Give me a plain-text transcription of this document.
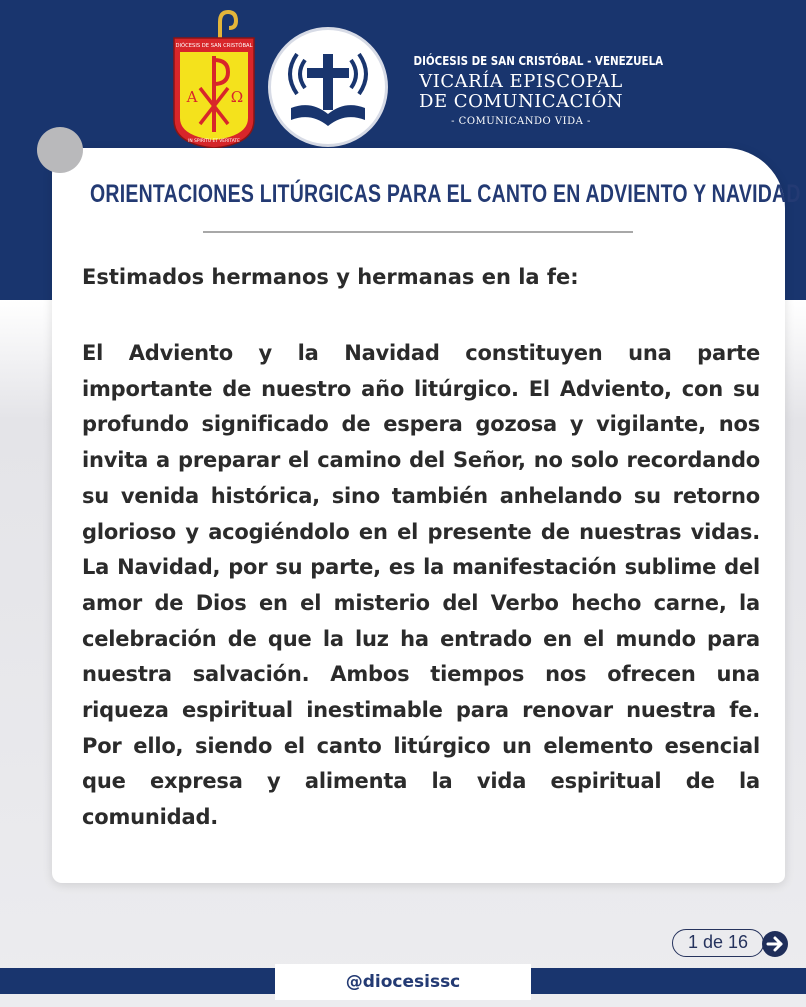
DIÓCESIS DE SAN CRISTÓBAL
IN SPIRITU ET VERITATE
A Ω
DIÓCESIS DE SAN CRISTÓBAL - VENEZUELA
VICARÍA EPISCOPAL
DE COMUNICACIÓN
- COMUNICANDO VIDA -
ORIENTACIONES LITÚRGICAS PARA EL CANTO EN ADVIENTO Y NAVIDAD
Estimados hermanos y hermanas en la fe:
El Adviento y la Navidad constituyen una parte importante de nuestro año litúrgico. El Adviento, con su profundo significado de espera gozosa y vigilante, nos invita a preparar el camino del Señor, no solo recordando su venida histórica, sino también anhelando su retorno glorioso y acogiéndolo en el presente de nuestras vidas. La Navidad, por su parte, es la manifestación sublime del amor de Dios en el misterio del Verbo hecho carne, la celebración de que la luz ha entrado en el mundo para nuestra salvación. Ambos tiempos nos ofrecen una riqueza espiritual inestimable para renovar nuestra fe. Por ello, siendo el canto litúrgico un elemento esencial que expresa y alimenta la vida espiritual de la comunidad.
1 de 16
@diocesissc
